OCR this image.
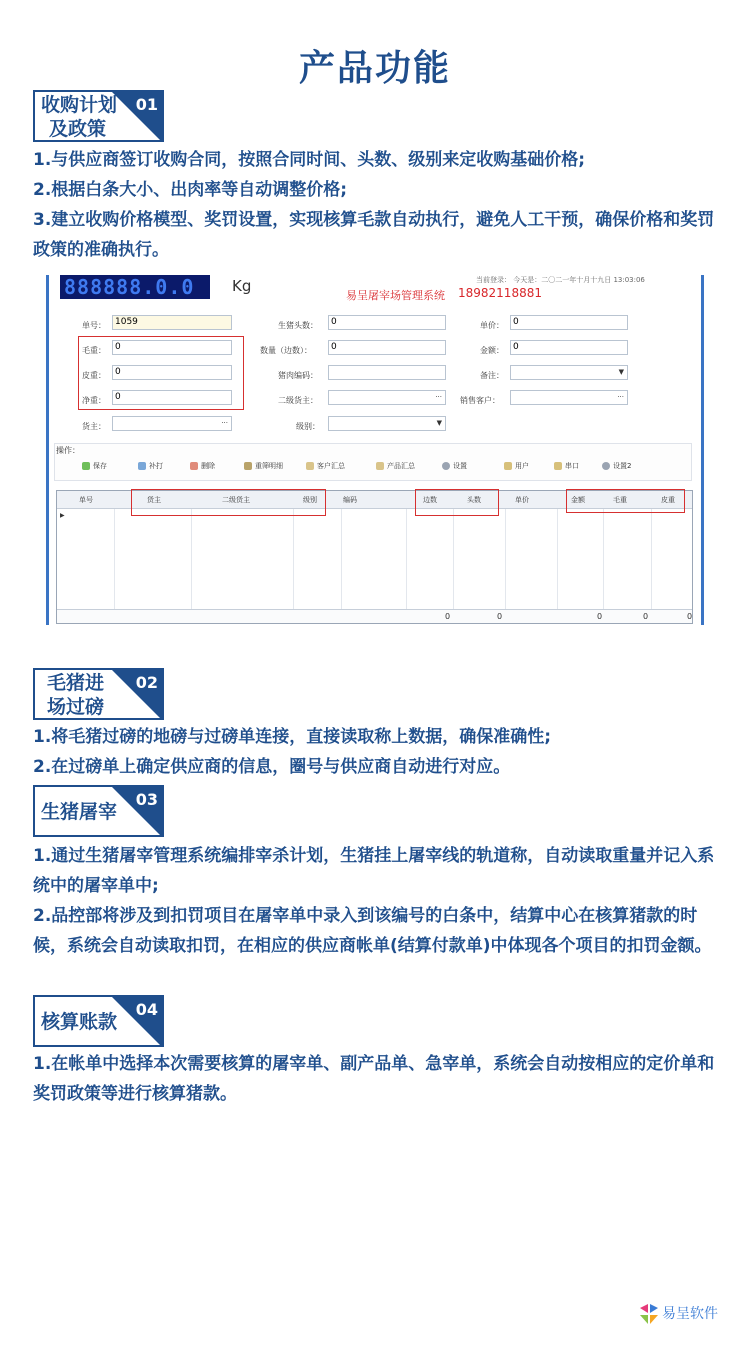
产品功能
01
收购计划
及政策

1.与供应商签订收购合同，按照合同时间、头数、级别来定收购基础价格;

2.根据白条大小、出肉率等自动调整价格;

3.建立收购价格模型、奖罚设置，实现核算毛款自动执行，避免人工干预，确保价格和奖罚政策的准确执行。

888888.0.0	Kg	当前登录： 今天是：二〇二一年十月十九日 13:03:06
易呈屠宰场管理系统 18982118881
单号：	1059
毛重：	0
皮重：	0
净重：	0
货主：	···
生猪头数：	0
数量（边数）：	0
猪肉编码：
二级货主：	···
级别：	▼
单价：	0
金额：	0
备注：	▼
销售客户：	···
操作：
保存	补打	删除	重筛明细	客户汇总	产品汇总	设置	用户	串口	设置2
单号	货主	二级货主	级别	编码	边数	头数	单价	金额	毛重	皮重
▶
0	0	0	0	0
02
毛猪进
场过磅

1.将毛猪过磅的地磅与过磅单连接，直接读取称上数据，确保准确性;

2.在过磅单上确定供应商的信息，圈号与供应商自动进行对应。

03
生猪屠宰

1.通过生猪屠宰管理系统编排宰杀计划，生猪挂上屠宰线的轨道称，自动读取重量并记入系统中的屠宰单中;

2.品控部将涉及到扣罚项目在屠宰单中录入到该编号的白条中，结算中心在核算猪款的时候，系统会自动读取扣罚，在相应的供应商帐单(结算付款单)中体现各个项目的扣罚金额。

04
核算账款

1.在帐单中选择本次需要核算的屠宰单、副产品单、急宰单，系统会自动按相应的定价单和奖罚政策等进行核算猪款。

易呈软件
